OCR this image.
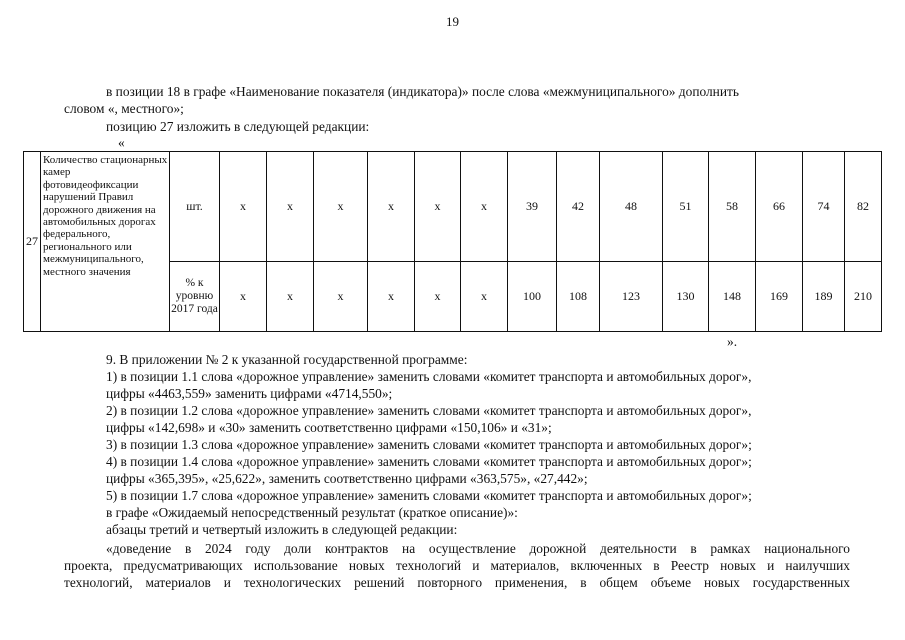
19
в позиции 18 в графе «Наименование показателя (индикатора)» после слова «межмуниципального» дополнить
словом «, местного»;
позицию 27 изложить в следующей редакции:
«
27	Количество стационарных камер фотовидеофиксации нарушений Правил дорожного движения на автомобильных дорогах федерального, регионального или межмуниципального, местного значения	шт.	x	x	x	x	x	x	39	42	48	51	58	66	74	82
		% к уровню 2017 года	x	x	x	x	x	x	100	108	123	130	148	169	189	210
».
9. В приложении № 2 к указанной государственной программе:
1) в позиции 1.1 слова «дорожное управление» заменить словами «комитет транспорта и автомобильных дорог»,
цифры «4463,559» заменить цифрами «4714,550»;
2) в позиции 1.2 слова «дорожное управление» заменить словами «комитет транспорта и автомобильных дорог»,
цифры «142,698» и «30» заменить соответственно цифрами «150,106» и «31»;
3) в позиции 1.3 слова «дорожное управление» заменить словами «комитет транспорта и автомобильных дорог»;
4) в позиции 1.4 слова «дорожное управление» заменить словами «комитет транспорта и автомобильных дорог»;
цифры «365,395», «25,622», заменить соответственно цифрами «363,575», «27,442»;
5) в позиции 1.7 слова «дорожное управление» заменить словами «комитет транспорта и автомобильных дорог»;
в графе «Ожидаемый непосредственный результат (краткое описание)»:
абзацы третий и четвертый изложить в следующей редакции:
«доведение в 2024 году доли контрактов на осуществление дорожной деятельности в рамках национального
проекта, предусматривающих использование новых технологий и материалов, включенных в Реестр новых и наилучших
технологий, материалов и технологических решений повторного применения, в общем объеме новых государственных
